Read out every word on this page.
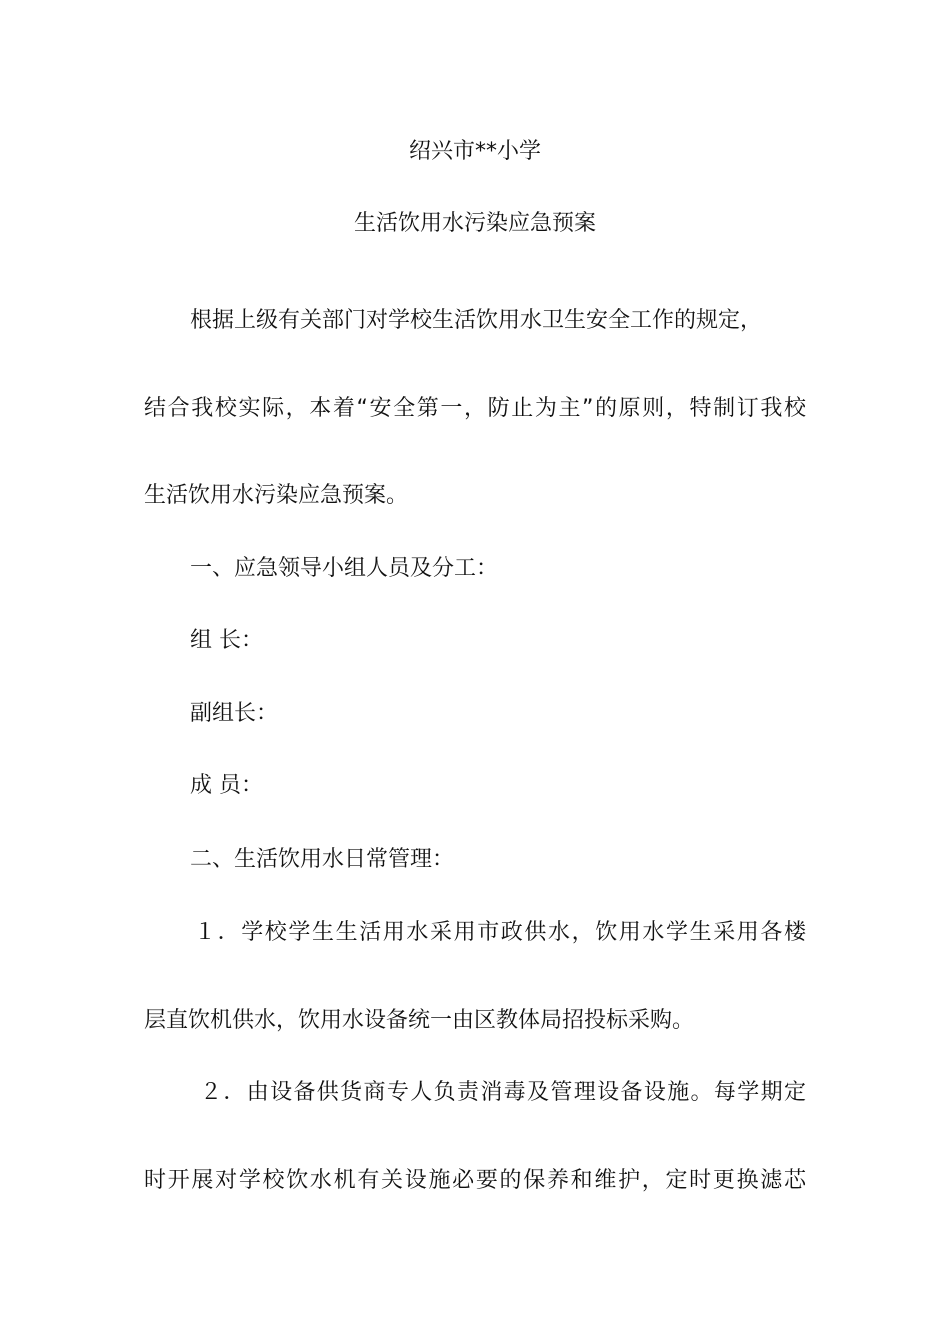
绍兴市**小学
生活饮用水污染应急预案
根据上级有关部门对学校生活饮用水卫生安全工作的规定，
结合我校实际，本着“安全第一，防止为主”的原则，特制订我校
生活饮用水污染应急预案。
一、应急领导小组人员及分工：
组 长：
副组长：
成 员：
二、生活饮用水日常管理：
１．学校学生生活用水采用市政供水，饮用水学生采用各楼
层直饮机供水，饮用水设备统一由区教体局招投标采购。
２．由设备供货商专人负责消毒及管理设备设施。每学期定
时开展对学校饮水机有关设施必要的保养和维护，定时更换滤芯
